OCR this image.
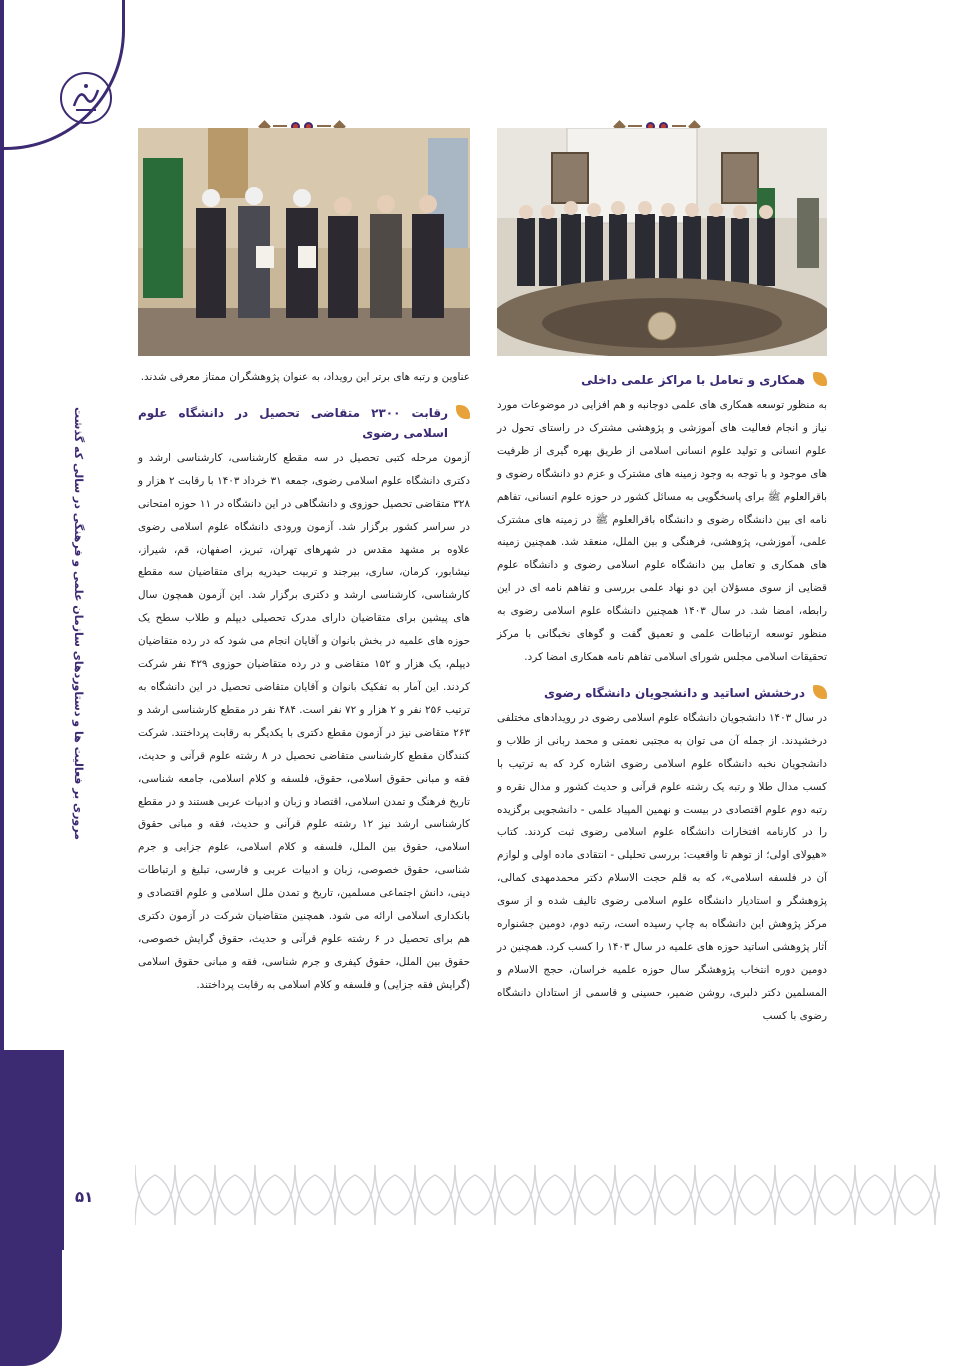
مروری بر فعالیت ها و دستاوردهای سازمان علمی و فرهنگی در سالی که گذشت
همکاری و تعامل با مراکز علمی داخلی

به منظور توسعه همکاری های علمی دوجانبه و هم افزایی در موضوعات مورد نیاز و انجام فعالیت های آموزشی و پژوهشی مشترک در راستای تحول در علوم انسانی و تولید علوم انسانی اسلامی از طریق بهره گیری از ظرفیت های موجود و با توجه به وجود زمینه های مشترک و عزم دو دانشگاه رضوی و باقرالعلوم ﷺ برای پاسخگویی به مسائل کشور در حوزه علوم انسانی، تفاهم نامه ای بین دانشگاه رضوی و دانشگاه باقرالعلوم ﷺ در زمینه های مشترک علمی، آموزشی، پژوهشی، فرهنگی و بین الملل، منعقد شد. همچنین زمینه های همکاری و تعامل بین دانشگاه علوم اسلامی رضوی و دانشگاه علوم قضایی از سوی مسؤلان این دو نهاد علمی بررسی و تفاهم نامه ای در این رابطه، امضا شد. در سال ۱۴۰۳ همچنین دانشگاه علوم اسلامی رضوی به منظور توسعه ارتباطات علمی و تعمیق گفت و گوهای نخبگانی با مرکز تحقیقات اسلامی مجلس شورای اسلامی تفاهم نامه همکاری امضا کرد.

درخشش اساتید و دانشجویان دانشگاه رضوی

در سال ۱۴۰۳ دانشجویان دانشگاه علوم اسلامی رضوی در رویدادهای مختلفی درخشیدند. از جمله آن می توان به مجتبی نعمتی و محمد ربانی از طلاب و دانشجویان نخبه دانشگاه علوم اسلامی رضوی اشاره کرد که به ترتیب با کسب مدال طلا و رتبه یک رشته علوم قرآنی و حدیث کشور و مدال نقره و رتبه دوم علوم اقتصادی در بیست و نهمین المپیاد علمی - دانشجویی برگزیده را در کارنامه افتخارات دانشگاه علوم اسلامی رضوی ثبت کردند. کتاب «هیولای اولی؛ از توهم تا واقعیت: بررسی تحلیلی - انتقادی ماده اولی و لوازم آن در فلسفه اسلامی»، که به قلم حجت الاسلام دکتر محمدمهدی کمالی، پژوهشگر و استادیار دانشگاه علوم اسلامی رضوی تالیف شده و از سوی مرکز پژوهش این دانشگاه به چاپ رسیده است، رتبه دوم، دومین جشنواره آثار پژوهشی اساتید حوزه های علمیه در سال ۱۴۰۳ را کسب کرد. همچنین در دومین دوره انتخاب پژوهشگر سال حوزه علمیه خراسان، حجج الاسلام و المسلمین دکتر دلبری، روشن ضمیر، حسینی و قاسمی از استادان دانشگاه رضوی با کسب

عناوین و رتبه های برتر این رویداد، به عنوان پژوهشگران ممتاز معرفی شدند.

رقابت ۲۳۰۰ متقاضی تحصیل در دانشگاه علوم اسلامی رضوی

آزمون مرحله کتبی تحصیل در سه مقطع کارشناسی، کارشناسی ارشد و دکتری دانشگاه علوم اسلامی رضوی، جمعه ۳۱ خرداد ۱۴۰۳ با رقابت ۲ هزار و ۳۲۸ متقاضی تحصیل حوزوی و دانشگاهی در این دانشگاه در ۱۱ حوزه امتحانی در سراسر کشور برگزار شد. آزمون ورودی دانشگاه علوم اسلامی رضوی علاوه بر مشهد مقدس در شهرهای تهران، تبریز، اصفهان، قم، شیراز، نیشابور، کرمان، ساری، بیرجند و تربیت حیدریه برای متقاضیان سه مقطع کارشناسی، کارشناسی ارشد و دکتری برگزار شد. این آزمون همچون سال های پیشین برای متقاضیان دارای مدرک تحصیلی دیپلم و طلاب سطح یک حوزه های علمیه در بخش بانوان و آقایان انجام می شود که در رده متقاضیان دیپلم، یک هزار و ۱۵۲ متقاضی و در رده متقاضیان حوزوی ۴۲۹ نفر شرکت کردند. این آمار به تفکیک بانوان و آقایان متقاضی تحصیل در این دانشگاه به ترتیب ۲۵۶ نفر و ۲ هزار و ۷۲ نفر است. ۴۸۴ نفر در مقطع کارشناسی ارشد و ۲۶۳ متقاضی نیز در آزمون مقطع دکتری با یکدیگر به رقابت پرداختند. شرکت کنندگان مقطع کارشناسی متقاضی تحصیل در ۸ رشته علوم قرآنی و حدیث، فقه و مبانی حقوق اسلامی، حقوق، فلسفه و کلام اسلامی، جامعه شناسی، تاریخ فرهنگ و تمدن اسلامی، اقتصاد و زبان و ادبیات عربی هستند و در مقطع کارشناسی ارشد نیز ۱۲ رشته علوم قرآنی و حدیث، فقه و مبانی حقوق اسلامی، حقوق بین الملل، فلسفه و کلام اسلامی، علوم جزایی و جرم شناسی، حقوق خصوصی، زبان و ادبیات عربی و فارسی، تبلیغ و ارتباطات دینی، دانش اجتماعی مسلمین، تاریخ و تمدن ملل اسلامی و علوم اقتصادی و بانکداری اسلامی ارائه می شود. همچنین متقاضیان شرکت در آزمون دکتری هم برای تحصیل در ۶ رشته علوم قرآنی و حدیث، حقوق گرایش خصوصی، حقوق بین الملل، حقوق کیفری و جرم شناسی، فقه و مبانی حقوق اسلامی (گرایش فقه جزایی) و فلسفه و کلام اسلامی به رقابت پرداختند.

۵۱
